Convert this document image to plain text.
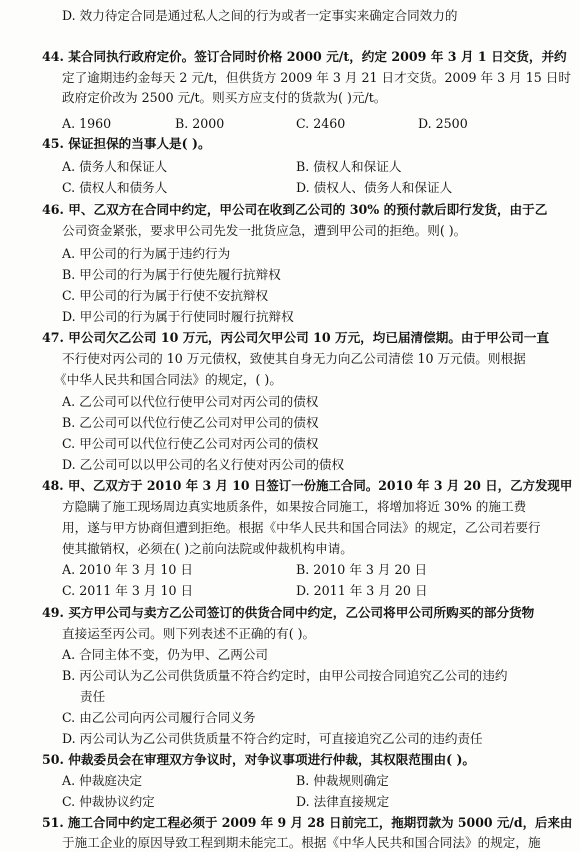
D. 效力待定合同是通过私人之间的行为或者一定事实来确定合同效力的
44. 某合同执行政府定价。签订合同时价格 2000 元/t，约定 2009 年 3 月 1 日交货，并约
定了逾期违约金每天 2 元/t，但供货方 2009 年 3 月 21 日才交货。2009 年 3 月 15 日时
政府定价改为 2500 元/t。则买方应支付的货款为( )元/t。
A. 1960	B. 2000	C. 2460	D. 2500
45. 保证担保的当事人是( )。
A. 债务人和保证人	B. 债权人和保证人
C. 债权人和债务人	D. 债权人、债务人和保证人
46. 甲、乙双方在合同中约定，甲公司在收到乙公司的 30% 的预付款后即行发货，由于乙
公司资金紧张，要求甲公司先发一批货应急，遭到甲公司的拒绝。则( )。
A. 甲公司的行为属于违约行为
B. 甲公司的行为属于行使先履行抗辩权
C. 甲公司的行为属于行使不安抗辩权
D. 甲公司的行为属于行使同时履行抗辩权
47. 甲公司欠乙公司 10 万元，丙公司欠甲公司 10 万元，均已届清偿期。由于甲公司一直
不行使对丙公司的 10 万元债权，致使其自身无力向乙公司清偿 10 万元债。则根据
《中华人民共和国合同法》的规定，( )。
A. 乙公司可以代位行使甲公司对丙公司的债权
B. 乙公司可以代位行使乙公司对甲公司的债权
C. 甲公司可以代位行使乙公司对丙公司的债权
D. 乙公司可以以甲公司的名义行使对丙公司的债权
48. 甲、乙双方于 2010 年 3 月 10 日签订一份施工合同。2010 年 3 月 20 日，乙方发现甲
方隐瞒了施工现场周边真实地质条件，如果按合同施工，将增加将近 30% 的施工费
用，遂与甲方协商但遭到拒绝。根据《中华人民共和国合同法》的规定，乙公司若要行
使其撤销权，必须在( )之前向法院或仲裁机构申请。
A. 2010 年 3 月 10 日	B. 2010 年 3 月 20 日
C. 2011 年 3 月 10 日	D. 2011 年 3 月 20 日
49. 买方甲公司与卖方乙公司签订的供货合同中约定，乙公司将甲公司所购买的部分货物
直接运至丙公司。则下列表述不正确的有( )。
A. 合同主体不变，仍为甲、乙两公司
B. 丙公司认为乙公司供货质量不符合约定时，由甲公司按合同追究乙公司的违约
责任
C. 由乙公司向丙公司履行合同义务
D. 丙公司认为乙公司供货质量不符合约定时，可直接追究乙公司的违约责任
50. 仲裁委员会在审理双方争议时，对争议事项进行仲裁，其权限范围由( )。
A. 仲裁庭决定	B. 仲裁规则确定
C. 仲裁协议约定	D. 法律直接规定
51. 施工合同中约定工程必须于 2009 年 9 月 28 日前完工，拖期罚款为 5000 元/d，后来由
于施工企业的原因导致工程到期未能完工。根据《中华人民共和国合同法》的规定，施
